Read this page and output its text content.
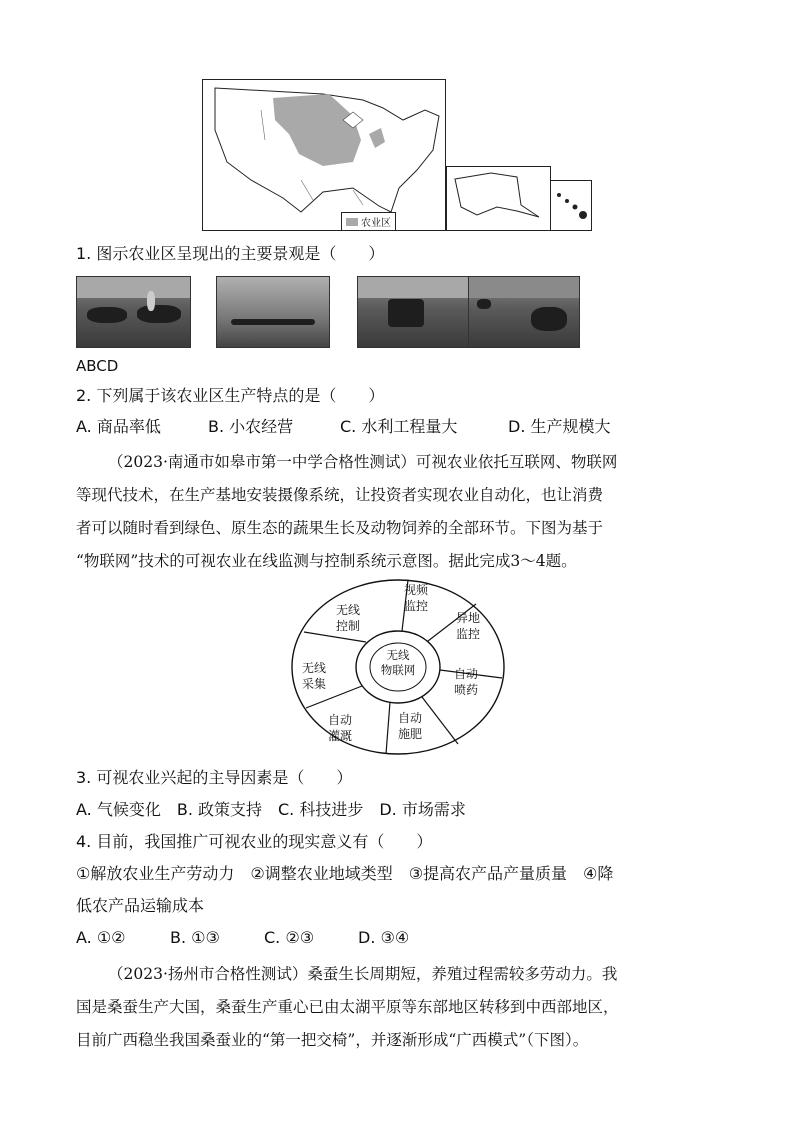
农业区
1. 图示农业区呈现出的主要景观是（　　）
ABCD
2. 下列属于该农业区生产特点的是（　　）
A. 商品率低	B. 小农经营	C. 水利工程量大	D. 生产规模大
（2023·南通市如皋市第一中学合格性测试）可视农业依托互联网、物联网
等现代技术，在生产基地安装摄像系统，让投资者实现农业自动化，也让消费
者可以随时看到绿色、原生态的蔬果生长及动物饲养的全部环节。下图为基于
“物联网”技术的可视农业在线监测与控制系统示意图。据此完成3～4题。
无线
物联网
视频
监控
异地
监控
自动
喷药
自动
施肥
自动
灌溉
无线
采集
无线
控制
3. 可视农业兴起的主导因素是（　　）
A. 气候变化　B. 政策支持　C. 科技进步　D. 市场需求
4. 目前，我国推广可视农业的现实意义有（　　）
①解放农业生产劳动力　②调整农业地域类型　③提高农产品产量质量　④降
低农产品运输成本
A. ①②	B. ①③	C. ②③	D. ③④
（2023·扬州市合格性测试）桑蚕生长周期短，养殖过程需较多劳动力。我
国是桑蚕生产大国，桑蚕生产重心已由太湖平原等东部地区转移到中西部地区，
目前广西稳坐我国桑蚕业的“第一把交椅”，并逐渐形成“广西模式”（下图）。
